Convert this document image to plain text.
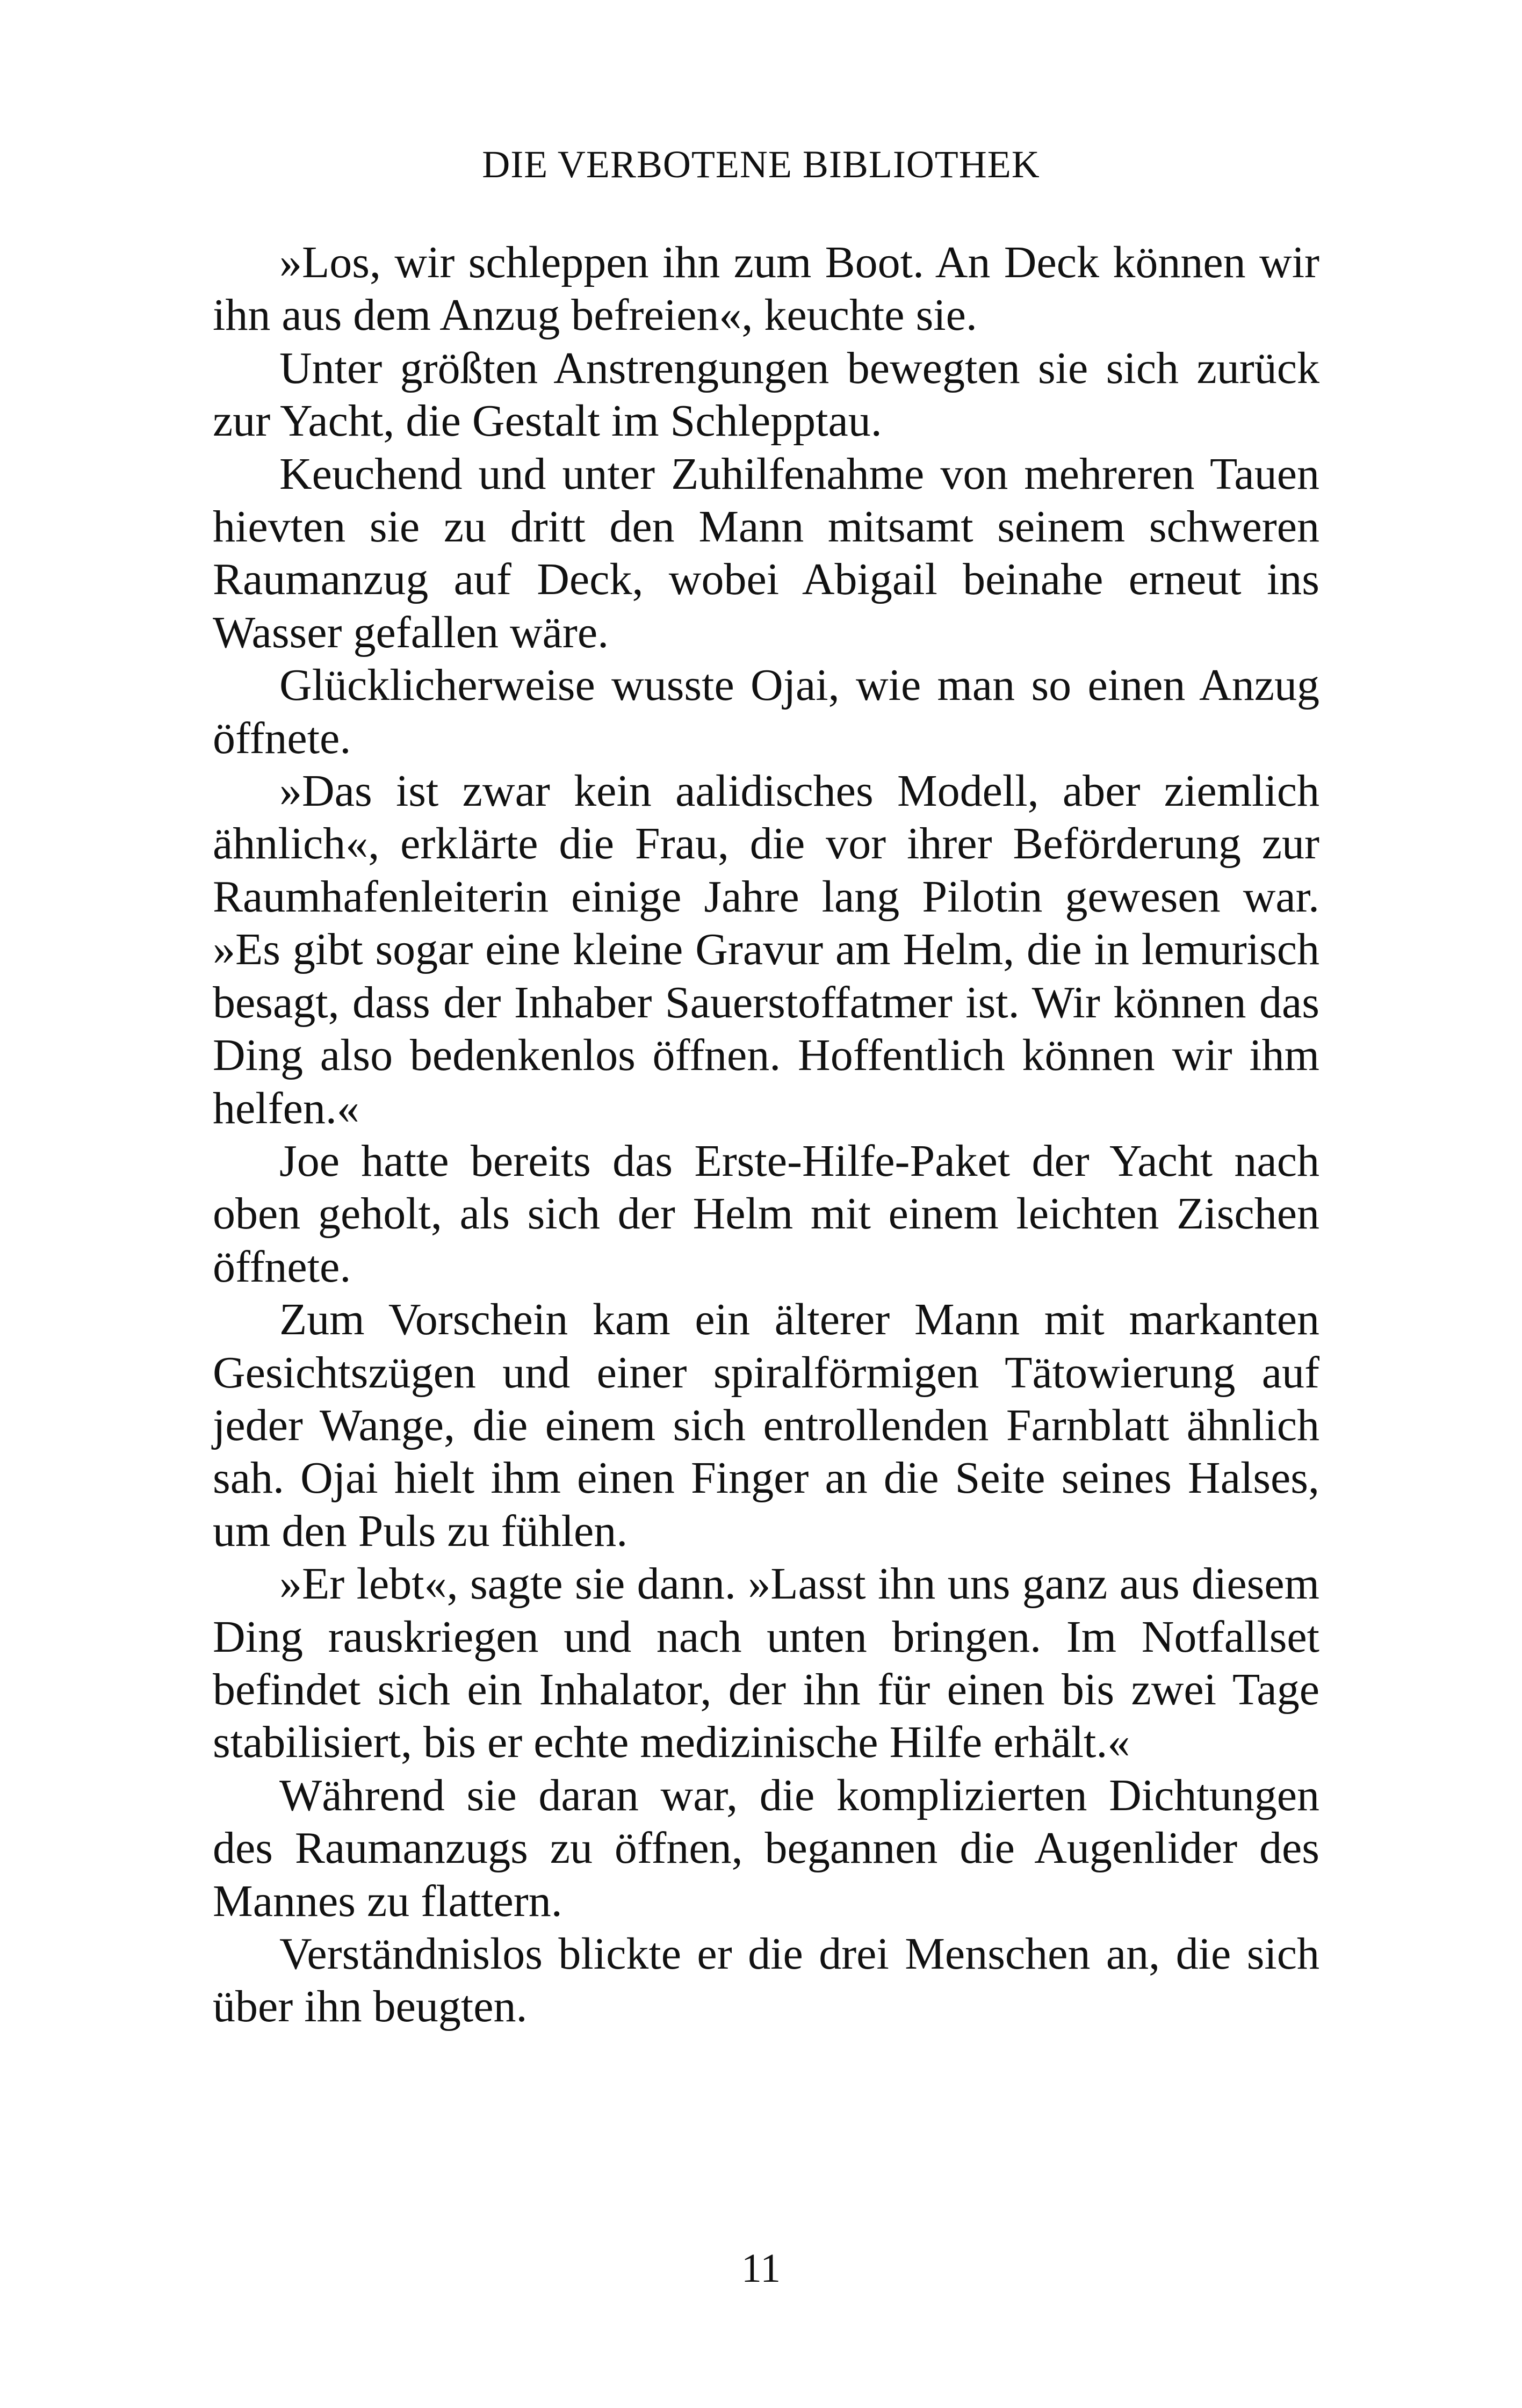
DIE VERBOTENE BIBLIOTHEK

»Los, wir schleppen ihn zum Boot. An Deck können wir ihn aus dem Anzug befreien«, keuchte sie.

Unter größten Anstrengungen bewegten sie sich zurück zur Yacht, die Gestalt im Schlepptau.

Keuchend und unter Zuhilfenahme von mehreren Tauen hievten sie zu dritt den Mann mitsamt seinem schweren Raumanzug auf Deck, wobei Abigail beinahe erneut ins Wasser gefallen wäre.

Glücklicherweise wusste Ojai, wie man so einen Anzug öffnete.

»Das ist zwar kein aalidisches Modell, aber ziemlich ähnlich«, erklärte die Frau, die vor ihrer Beförderung zur Raumhafenleiterin einige Jahre lang Pilotin gewesen war. »Es gibt sogar eine kleine Gravur am Helm, die in lemurisch besagt, dass der Inhaber Sauerstoffatmer ist. Wir können das Ding also bedenkenlos öffnen. Hoffentlich können wir ihm helfen.«

Joe hatte bereits das Erste-Hilfe-Paket der Yacht nach oben geholt, als sich der Helm mit einem leichten Zischen öffnete.

Zum Vorschein kam ein älterer Mann mit markanten Gesichtszügen und einer spiralförmigen Tätowierung auf jeder Wange, die einem sich entrollenden Farnblatt ähnlich sah. Ojai hielt ihm einen Finger an die Seite seines Halses, um den Puls zu fühlen.

»Er lebt«, sagte sie dann. »Lasst ihn uns ganz aus diesem Ding rauskriegen und nach unten bringen. Im Notfallset befindet sich ein Inhalator, der ihn für einen bis zwei Tage stabilisiert, bis er echte medizinische Hilfe erhält.«

Während sie daran war, die komplizierten Dichtungen des Raumanzugs zu öffnen, begannen die Augenlider des Mannes zu flattern.

Verständnislos blickte er die drei Menschen an, die sich über ihn beugten.

11
